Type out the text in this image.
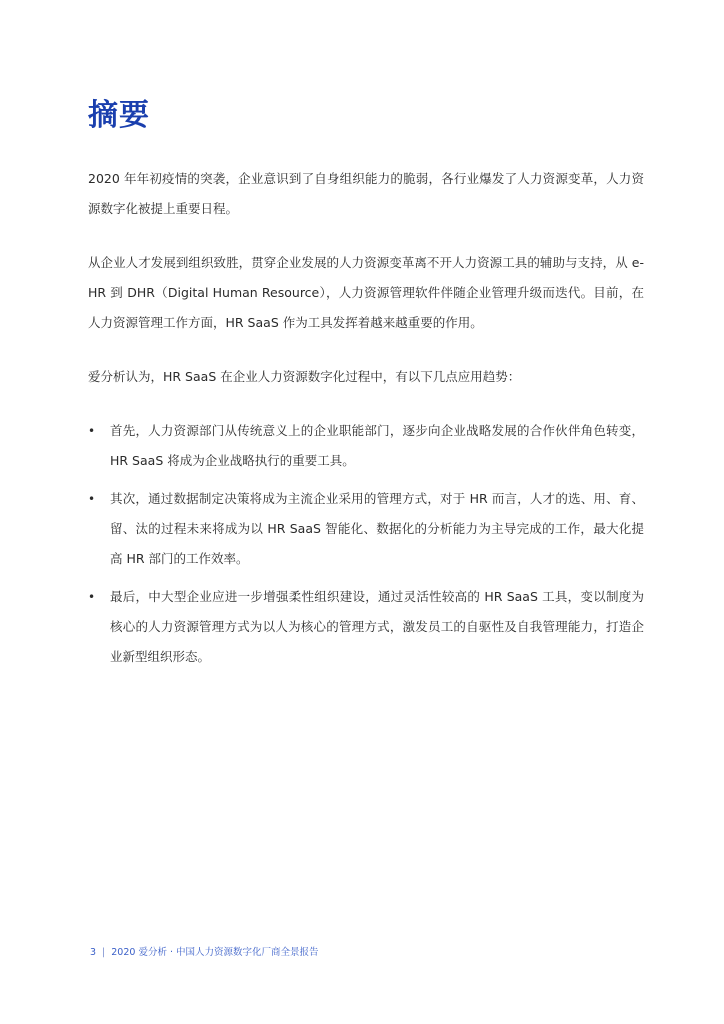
摘要

2020 年年初疫情的突袭，企业意识到了自身组织能力的脆弱，各行业爆发了人力资源变革，人力资源数字化被提上重要日程。

从企业人才发展到组织致胜，贯穿企业发展的人力资源变革离不开人力资源工具的辅助与支持，从 e-HR 到 DHR（Digital Human Resource），人力资源管理软件伴随企业管理升级而迭代。目前，在人力资源管理工作方面，HR SaaS 作为工具发挥着越来越重要的作用。

爱分析认为，HR SaaS 在企业人力资源数字化过程中，有以下几点应用趋势：

• 首先，人力资源部门从传统意义上的企业职能部门，逐步向企业战略发展的合作伙伴角色转变，HR SaaS 将成为企业战略执行的重要工具。
• 其次，通过数据制定决策将成为主流企业采用的管理方式，对于 HR 而言，人才的选、用、育、留、汰的过程未来将成为以 HR SaaS 智能化、数据化的分析能力为主导完成的工作，最大化提高 HR 部门的工作效率。
• 最后，中大型企业应进一步增强柔性组织建设，通过灵活性较高的 HR SaaS 工具，变以制度为核心的人力资源管理方式为以人为核心的管理方式，激发员工的自驱性及自我管理能力，打造企业新型组织形态。
3 | 2020 爱分析 · 中国人力资源数字化厂商全景报告
